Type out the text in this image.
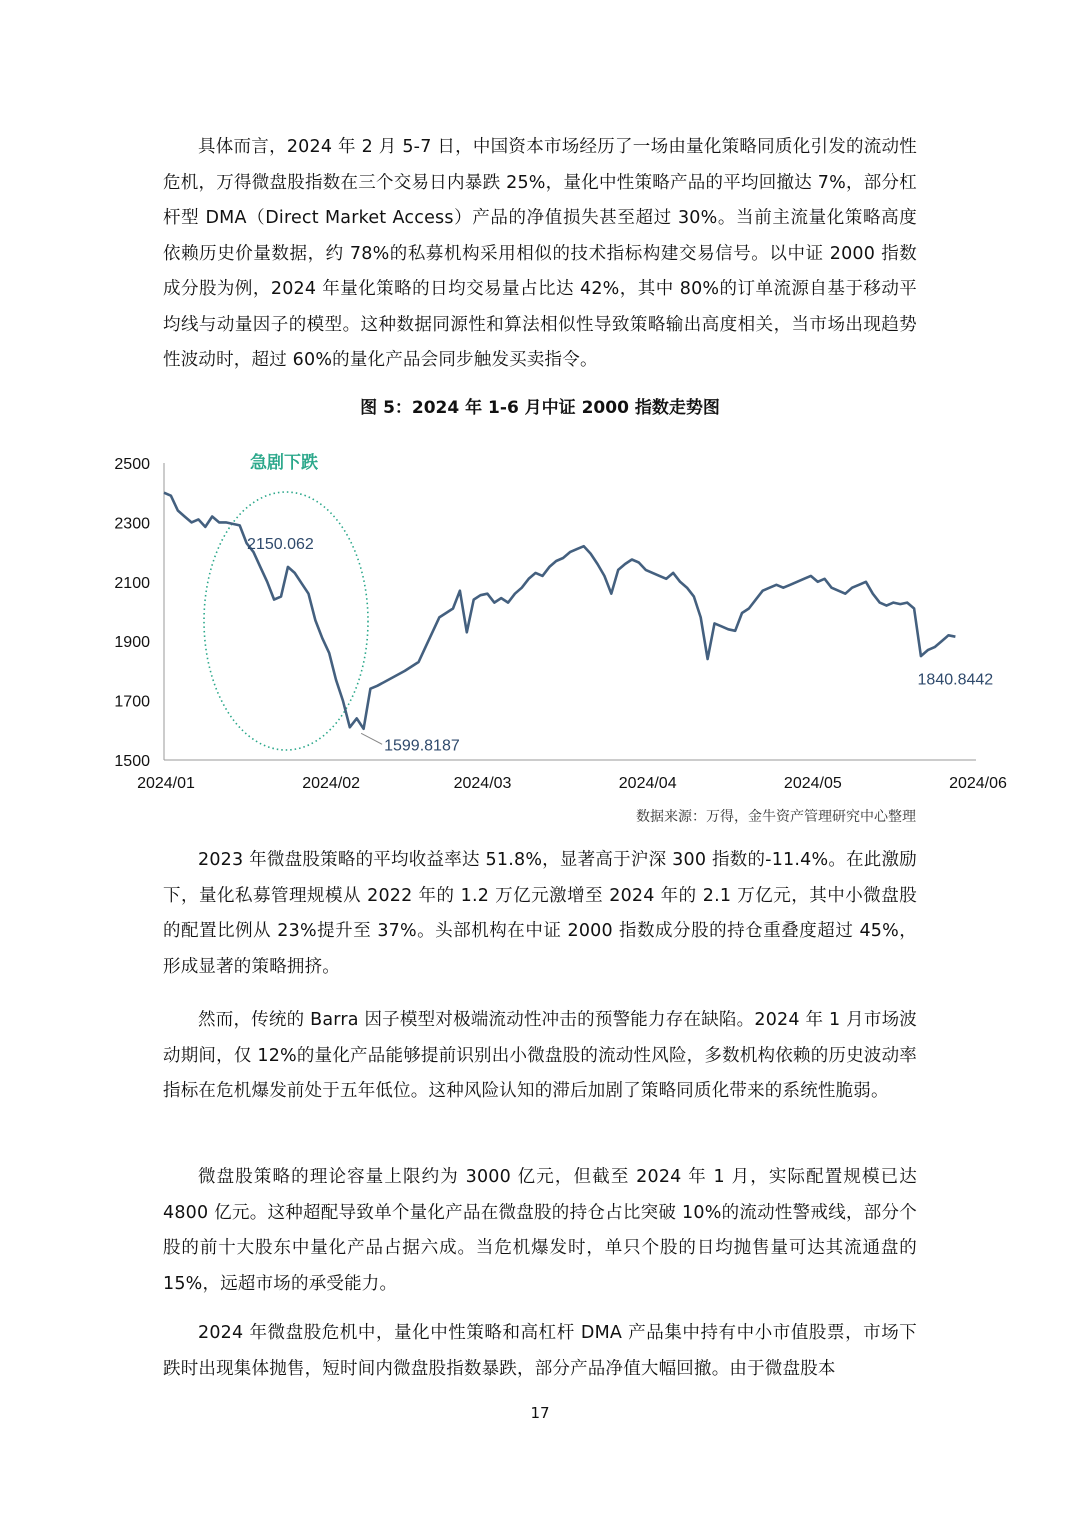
具体而言，2024 年 2 月 5-7 日，中国资本市场经历了一场由量化策略同质化引发的流动性危机，万得微盘股指数在三个交易日内暴跌 25%，量化中性策略产品的平均回撤达 7%，部分杠杆型 DMA（Direct Market Access）产品的净值损失甚至超过 30%。当前主流量化策略高度依赖历史价量数据，约 78%的私募机构采用相似的技术指标构建交易信号。以中证 2000 指数成分股为例，2024 年量化策略的日均交易量占比达 42%，其中 80%的订单流源自基于移动平均线与动量因子的模型。这种数据同源性和算法相似性导致策略输出高度相关，当市场出现趋势性波动时，超过 60%的量化产品会同步触发买卖指令。

图 5：2024 年 1-6 月中证 2000 指数走势图

1500
1700
1900
2100
2300
2500
2024/01	2024/02	2024/03	2024/04	2024/05	2024/06
急剧下跌
2150.062
1599.8187
1840.8442

数据来源：万得，金牛资产管理研究中心整理

2023 年微盘股策略的平均收益率达 51.8%，显著高于沪深 300 指数的-11.4%。在此激励下，量化私募管理规模从 2022 年的 1.2 万亿元激增至 2024 年的 2.1 万亿元，其中小微盘股的配置比例从 23%提升至 37%。头部机构在中证 2000 指数成分股的持仓重叠度超过 45%，形成显著的策略拥挤。

然而，传统的 Barra 因子模型对极端流动性冲击的预警能力存在缺陷。2024 年 1 月市场波动期间，仅 12%的量化产品能够提前识别出小微盘股的流动性风险，多数机构依赖的历史波动率指标在危机爆发前处于五年低位。这种风险认知的滞后加剧了策略同质化带来的系统性脆弱。

微盘股策略的理论容量上限约为 3000 亿元，但截至 2024 年 1 月，实际配置规模已达 4800 亿元。这种超配导致单个量化产品在微盘股的持仓占比突破 10%的流动性警戒线，部分个股的前十大股东中量化产品占据六成。当危机爆发时，单只个股的日均抛售量可达其流通盘的 15%，远超市场的承受能力。

2024 年微盘股危机中，量化中性策略和高杠杆 DMA 产品集中持有中小市值股票，市场下跌时出现集体抛售，短时间内微盘股指数暴跌，部分产品净值大幅回撤。由于微盘股本

17
